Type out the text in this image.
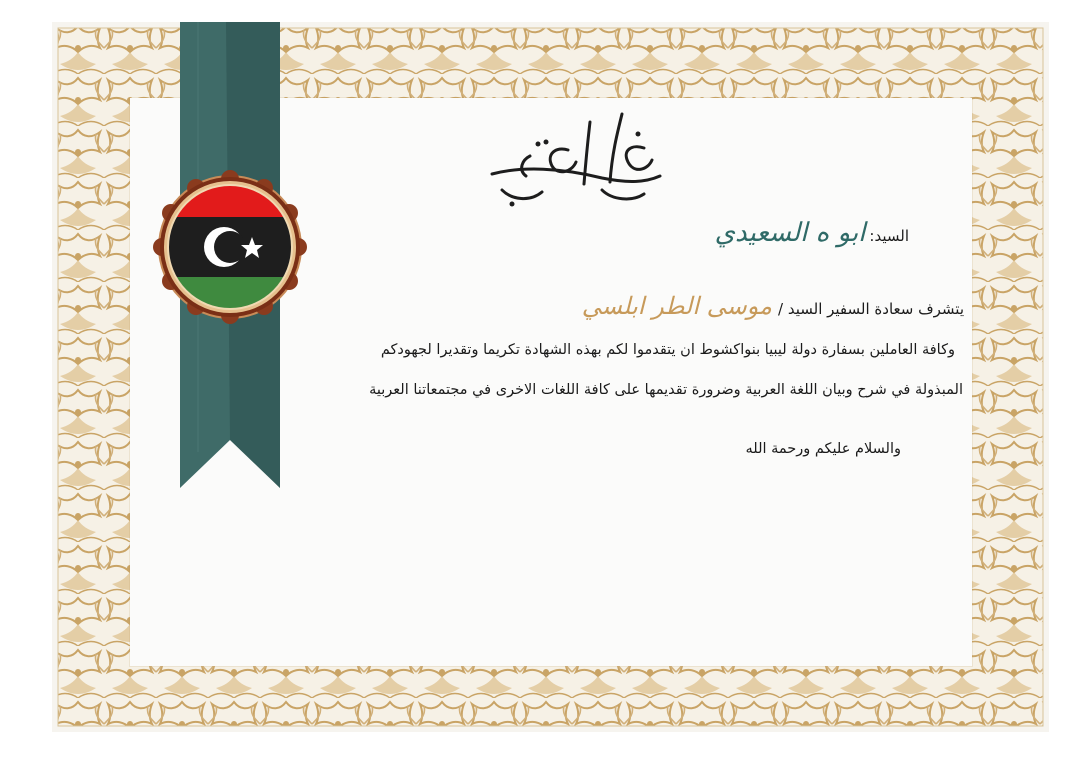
السيد:ابو ه السعيدي
يتشرف سعادة السفير السيد /موسى الطر ابلسي
وكافة العاملين بسفارة دولة ليبيا بنواكشوط ان يتقدموا لكم بهذه الشهادة تكريما وتقديرا لجهودكم
المبذولة في شرح وبيان اللغة العربية وضرورة تقديمها على كافة اللغات الاخرى في مجتمعاتنا العربية
والسلام عليكم ورحمة الله
